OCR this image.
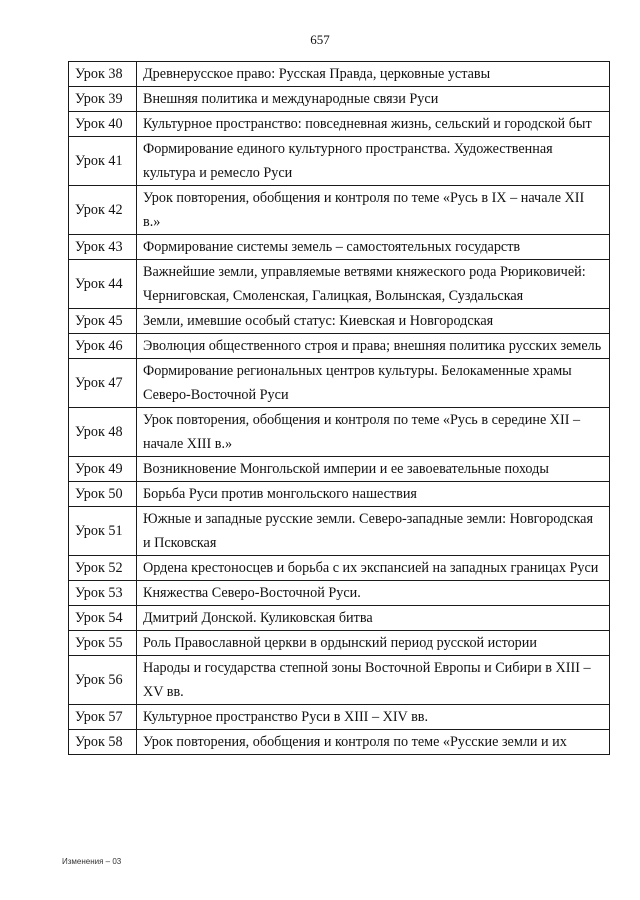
657
Урок 38	Древнерусское право: Русская Правда, церковные уставы
Урок 39	Внешняя политика и международные связи Руси
Урок 40	Культурное пространство: повседневная жизнь, сельский и городской быт
Урок 41	Формирование единого культурного пространства. Художественная культура и ремесло Руси
Урок 42	Урок повторения, обобщения и контроля по теме «Русь в IX – начале XII в.»
Урок 43	Формирование системы земель – самостоятельных государств
Урок 44	Важнейшие земли, управляемые ветвями княжеского рода Рюриковичей: Черниговская, Смоленская, Галицкая, Волынская, Суздальская
Урок 45	Земли, имевшие особый статус: Киевская и Новгородская
Урок 46	Эволюция общественного строя и права; внешняя политика русских земель
Урок 47	Формирование региональных центров культуры. Белокаменные храмы Северо-Восточной Руси
Урок 48	Урок повторения, обобщения и контроля по теме «Русь в середине XII – начале XIII в.»
Урок 49	Возникновение Монгольской империи и ее завоевательные походы
Урок 50	Борьба Руси против монгольского нашествия
Урок 51	Южные и западные русские земли. Северо-западные земли: Новгородская и Псковская
Урок 52	Ордена крестоносцев и борьба с их экспансией на западных границах Руси
Урок 53	Княжества Северо-Восточной Руси.
Урок 54	Дмитрий Донской. Куликовская битва
Урок 55	Роль Православной церкви в ордынский период русской истории
Урок 56	Народы и государства степной зоны Восточной Европы и Сибири в XIII – XV вв.
Урок 57	Культурное пространство Руси в XIII – XIV вв.
Урок 58	Урок повторения, обобщения и контроля по теме «Русские земли и их
Изменения – 03
